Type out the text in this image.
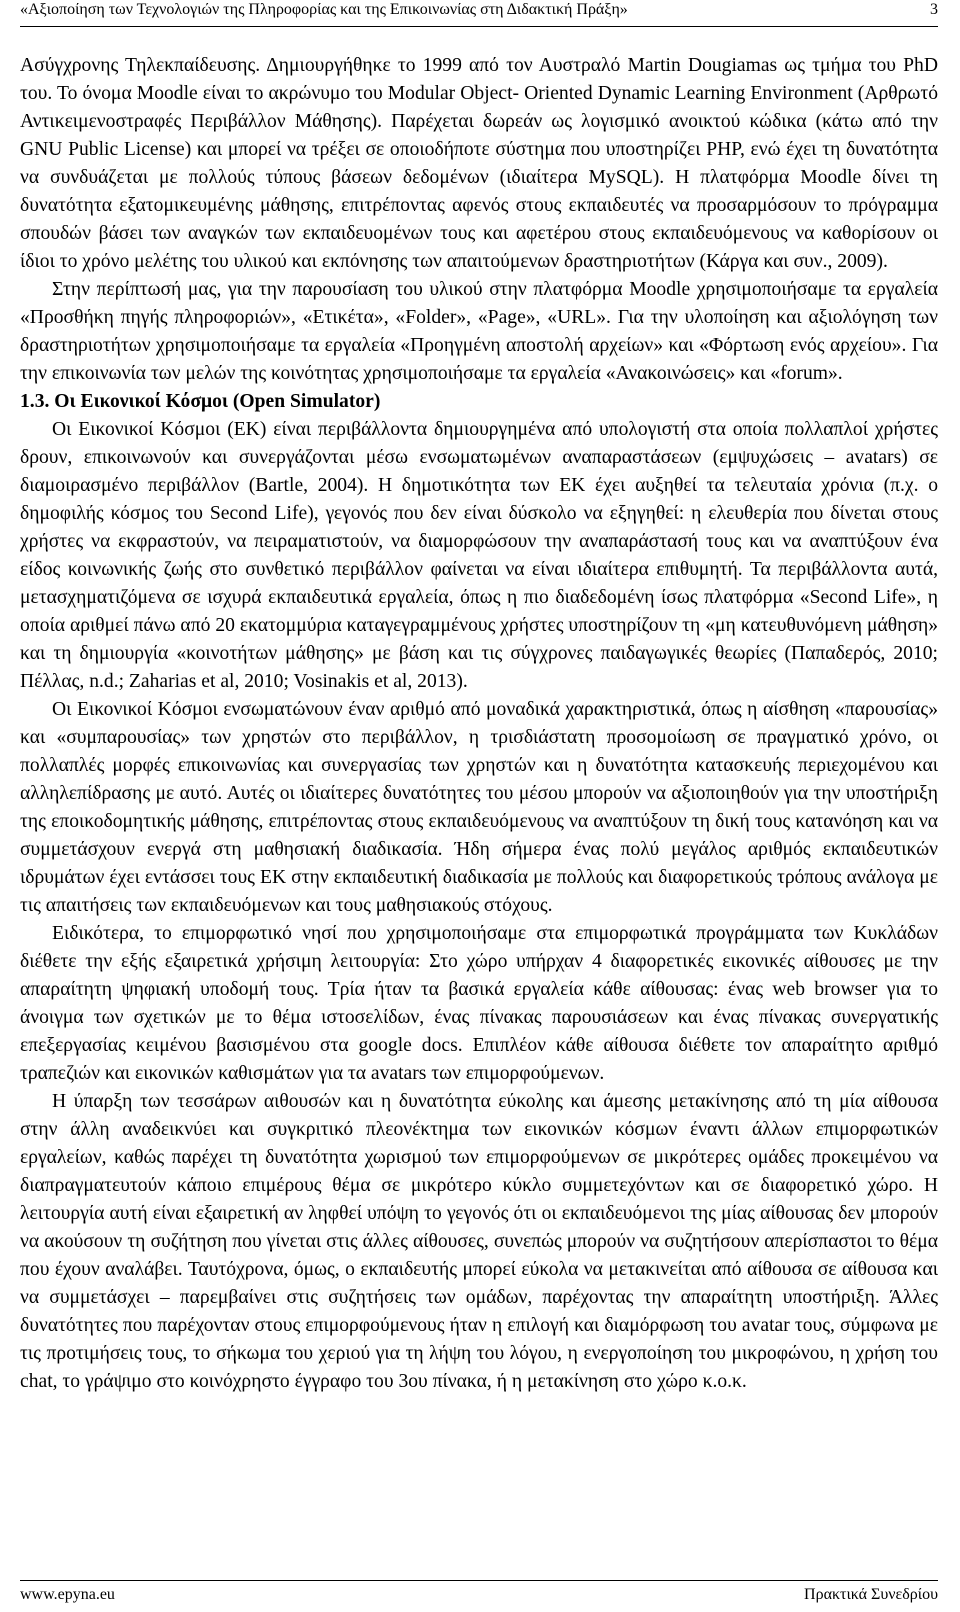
«Αξιοποίηση των Τεχνολογιών της Πληροφορίας και της Επικοινωνίας στη Διδακτική Πράξη»	3

Ασύγχρονης Τηλεκπαίδευσης. Δημιουργήθηκε το 1999 από τον Αυστραλό Martin Dougiamas ως τμήμα του PhD του. Το όνομα Moodle είναι το ακρώνυμο του Modular Object- Oriented Dynamic Learning Environment (Αρθρωτό Αντικειμενοστραφές Περιβάλλον Μάθησης). Παρέχεται δωρεάν ως λογισμικό ανοικτού κώδικα (κάτω από την GNU Public License) και μπορεί να τρέξει σε οποιοδήποτε σύστημα που υποστηρίζει PHP, ενώ έχει τη δυνατότητα να συνδυάζεται με πολλούς τύπους βάσεων δεδομένων (ιδιαίτερα MySQL). Η πλατφόρμα Moodle δίνει τη δυνατότητα εξατομικευμένης μάθησης, επιτρέποντας αφενός στους εκπαιδευτές να προσαρμόσουν το πρόγραμμα σπουδών βάσει των αναγκών των εκπαιδευομένων τους και αφετέρου στους εκπαιδευόμενους να καθορίσουν οι ίδιοι το χρόνο μελέτης του υλικού και εκπόνησης των απαιτούμενων δραστηριοτήτων (Κάργα και συν., 2009).

Στην περίπτωσή μας, για την παρουσίαση του υλικού στην πλατφόρμα Moodle χρησιμοποιήσαμε τα εργαλεία «Προσθήκη πηγής πληροφοριών», «Ετικέτα», «Folder», «Page», «URL». Για την υλοποίηση και αξιολόγηση των δραστηριοτήτων χρησιμοποιήσαμε τα εργαλεία «Προηγμένη αποστολή αρχείων» και «Φόρτωση ενός αρχείου». Για την επικοινωνία των μελών της κοινότητας χρησιμοποιήσαμε τα εργαλεία «Ανακοινώσεις» και «forum».

1.3. Οι Εικονικοί Κόσμοι (Open Simulator)

Οι Εικονικοί Κόσμοι (ΕΚ) είναι περιβάλλοντα δημιουργημένα από υπολογιστή στα οποία πολλαπλοί χρήστες δρουν, επικοινωνούν και συνεργάζονται μέσω ενσωματωμένων αναπαραστάσεων (εμψυχώσεις – avatars) σε διαμοιρασμένο περιβάλλον (Bartle, 2004). Η δημοτικότητα των ΕΚ έχει αυξηθεί τα τελευταία χρόνια (π.χ. ο δημοφιλής κόσμος του Second Life), γεγονός που δεν είναι δύσκολο να εξηγηθεί: η ελευθερία που δίνεται στους χρήστες να εκφραστούν, να πειραματιστούν, να διαμορφώσουν την αναπαράστασή τους και να αναπτύξουν ένα είδος κοινωνικής ζωής στο συνθετικό περιβάλλον φαίνεται να είναι ιδιαίτερα επιθυμητή. Τα περιβάλλοντα αυτά, μετασχηματιζόμενα σε ισχυρά εκπαιδευτικά εργαλεία, όπως η πιο διαδεδομένη ίσως πλατφόρμα «Second Life», η οποία αριθμεί πάνω από 20 εκατομμύρια καταγεγραμμένους χρήστες υποστηρίζουν τη «μη κατευθυνόμενη μάθηση» και τη δημιουργία «κοινοτήτων μάθησης» με βάση και τις σύγχρονες παιδαγωγικές θεωρίες (Παπαδερός, 2010; Πέλλας, n.d.; Zaharias et al, 2010; Vosinakis et al, 2013).

Οι Εικονικοί Κόσμοι ενσωματώνουν έναν αριθμό από μοναδικά χαρακτηριστικά, όπως η αίσθηση «παρουσίας» και «συμπαρουσίας» των χρηστών στο περιβάλλον, η τρισδιάστατη προσομοίωση σε πραγματικό χρόνο, οι πολλαπλές μορφές επικοινωνίας και συνεργασίας των χρηστών και η δυνατότητα κατασκευής περιεχομένου και αλληλεπίδρασης με αυτό. Αυτές οι ιδιαίτερες δυνατότητες του μέσου μπορούν να αξιοποιηθούν για την υποστήριξη της εποικοδομητικής μάθησης, επιτρέποντας στους εκπαιδευόμενους να αναπτύξουν τη δική τους κατανόηση και να συμμετάσχουν ενεργά στη μαθησιακή διαδικασία. Ήδη σήμερα ένας πολύ μεγάλος αριθμός εκπαιδευτικών ιδρυμάτων έχει εντάσσει τους ΕΚ στην εκπαιδευτική διαδικασία με πολλούς και διαφορετικούς τρόπους ανάλογα με τις απαιτήσεις των εκπαιδευόμενων και τους μαθησιακούς στόχους.

Ειδικότερα, το επιμορφωτικό νησί που χρησιμοποιήσαμε στα επιμορφωτικά προγράμματα των Κυκλάδων διέθετε την εξής εξαιρετικά χρήσιμη λειτουργία: Στο χώρο υπήρχαν 4 διαφορετικές εικονικές αίθουσες με την απαραίτητη ψηφιακή υποδομή τους. Τρία ήταν τα βασικά εργαλεία κάθε αίθουσας: ένας web browser για το άνοιγμα των σχετικών με το θέμα ιστοσελίδων, ένας πίνακας παρουσιάσεων και ένας πίνακας συνεργατικής επεξεργασίας κειμένου βασισμένου στα google docs. Επιπλέον κάθε αίθουσα διέθετε τον απαραίτητο αριθμό τραπεζιών και εικονικών καθισμάτων για τα avatars των επιμορφούμενων.

Η ύπαρξη των τεσσάρων αιθουσών και η δυνατότητα εύκολης και άμεσης μετακίνησης από τη μία αίθουσα στην άλλη αναδεικνύει και συγκριτικό πλεονέκτημα των εικονικών κόσμων έναντι άλλων επιμορφωτικών εργαλείων, καθώς παρέχει τη δυνατότητα χωρισμού των επιμορφούμενων σε μικρότερες ομάδες προκειμένου να διαπραγματευτούν κάποιο επιμέρους θέμα σε μικρότερο κύκλο συμμετεχόντων και σε διαφορετικό χώρο. Η λειτουργία αυτή είναι εξαιρετική αν ληφθεί υπόψη το γεγονός ότι οι εκπαιδευόμενοι της μίας αίθουσας δεν μπορούν να ακούσουν τη συζήτηση που γίνεται στις άλλες αίθουσες, συνεπώς μπορούν να συζητήσουν απερίσπαστοι το θέμα που έχουν αναλάβει. Ταυτόχρονα, όμως, ο εκπαιδευτής μπορεί εύκολα να μετακινείται από αίθουσα σε αίθουσα και να συμμετάσχει – παρεμβαίνει στις συζητήσεις των ομάδων, παρέχοντας την απαραίτητη υποστήριξη. Άλλες δυνατότητες που παρέχονταν στους επιμορφούμενους ήταν η επιλογή και διαμόρφωση του avatar τους, σύμφωνα με τις προτιμήσεις τους, το σήκωμα του χεριού για τη λήψη του λόγου, η ενεργοποίηση του μικροφώνου, η χρήση του chat, το γράψιμο στο κοινόχρηστο έγγραφο του 3ου πίνακα, ή η μετακίνηση στο χώρο κ.ο.κ.

www.epyna.eu	Πρακτικά Συνεδρίου
